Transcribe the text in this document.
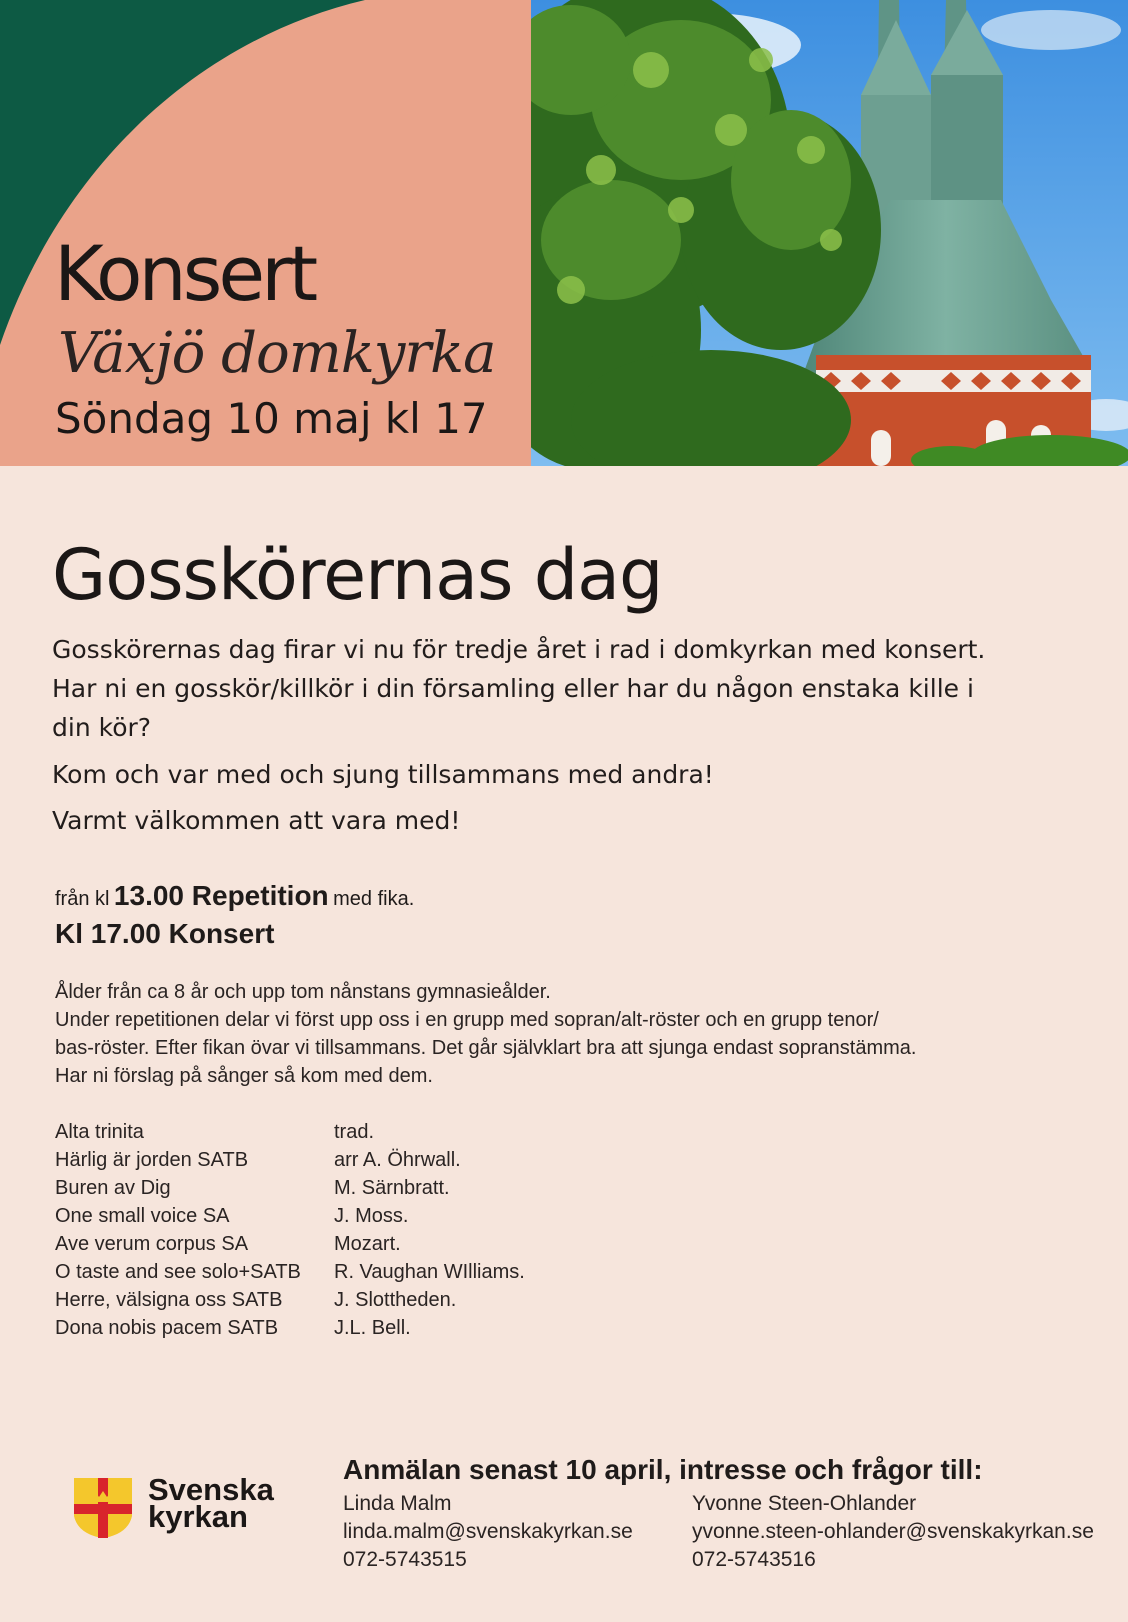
Konsert

Växjö domkyrka

Söndag 10 maj kl 17

Gosskörernas dag

Gosskörernas dag firar vi nu för tredje året i rad i domkyrkan med konsert. Har ni en gosskör/killkör i din församling eller har du någon enstaka kille i din kör?

Kom och var med och sjung tillsammans med andra!

Varmt välkommen att vara med!

från kl 13.00 Repetition med fika.

Kl 17.00 Konsert

Ålder från ca 8 år och upp tom nånstans gymnasieålder.
Under repetitionen delar vi först upp oss i en grupp med sopran/alt-röster och en grupp tenor/
bas-röster. Efter fikan övar vi tillsammans. Det går självklart bra att sjunga endast sopranstämma.
Har ni förslag på sånger så kom med dem.

Alta trinita	trad.
Härlig är jorden SATB	arr A. Öhrwall.
Buren av Dig	M. Särnbratt.
One small voice SA	J. Moss.
Ave verum corpus SA	Mozart.
O taste and see solo+SATB	R. Vaughan WIlliams.
Herre, välsigna oss SATB	J. Slottheden.
Dona nobis pacem SATB	J.L. Bell.

Svenska
kyrkan

Anmälan senast 10 april, intresse och frågor till:

Linda Malm
linda.malm@svenskakyrkan.se
072-5743515
Yvonne Steen-Ohlander
yvonne.steen-ohlander@svenskakyrkan.se
072-5743516
